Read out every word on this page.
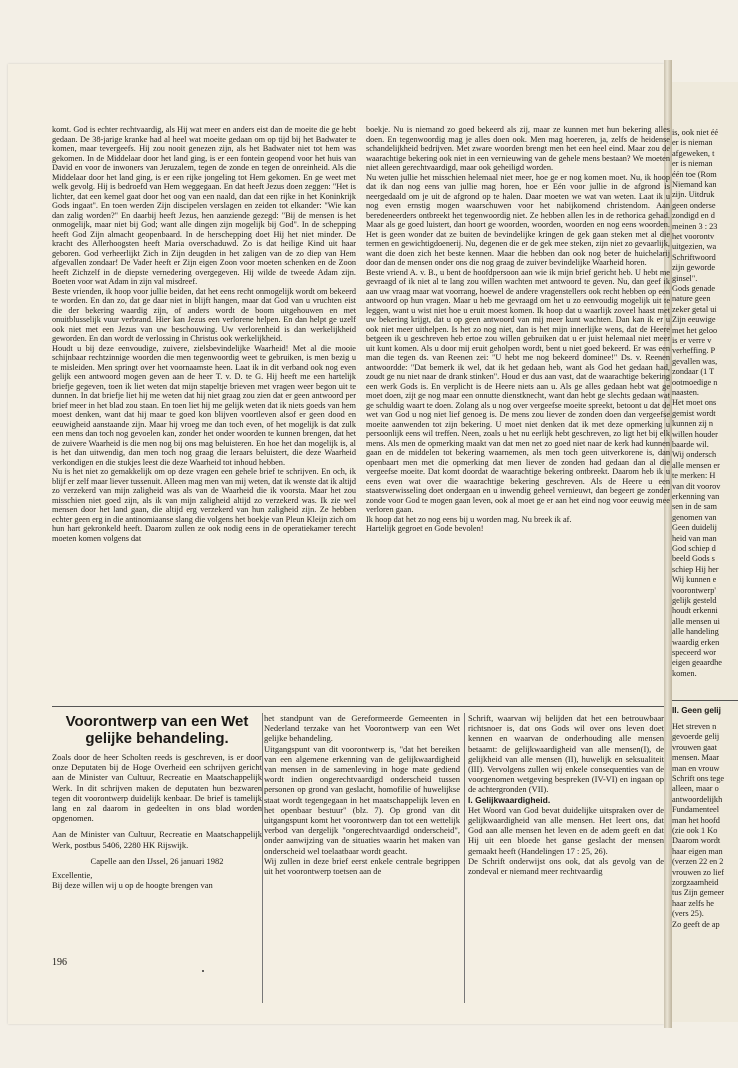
komt. God is echter rechtvaardig, als Hij wat meer en anders eist dan de moeite die ge hebt gedaan. De 38-jarige kranke had al heel wat moeite gedaan om op tijd bij het Badwater te komen, maar tevergeefs. Hij zou nooit genezen zijn, als het Badwater niet tot hem was gekomen. In de Middelaar door het land ging, is er een fontein geopend voor het huis van David en voor de inwoners van Jeruzalem, tegen de zonde en tegen de onreinheid. Als die Middelaar door het land ging, is er een rijke jongeling tot Hem gekomen. En ge weet met welk gevolg. Hij is bedroefd van Hem weggegaan. En dat heeft Jezus doen zeggen: "Het is lichter, dat een kemel gaat door het oog van een naald, dan dat een rijke in het Koninkrijk Gods ingaat". En toen werden Zijn discipelen verslagen en zeiden tot elkander: "Wie kan dan zalig worden?" En daarbij heeft Jezus, hen aanziende gezegd: "Bij de mensen is het onmogelijk, maar niet bij God; want alle dingen zijn mogelijk bij God". In de schepping heeft God Zijn almacht geopenbaard. In de herschepping doet Hij het niet minder. De kracht des Allerhoogsten heeft Maria overschaduwd. Zo is dat heilige Kind uit haar geboren. God verheerlijkt Zich in Zijn deugden in het zaligen van de zo diep van Hem afgevallen zondaar! De Vader heeft er Zijn eigen Zoon voor moeten schenken en de Zoon heeft Zichzelf in de diepste vernedering overgegeven. Hij wilde de tweede Adam zijn. Boeten voor wat Adam in zijn val misdreef.

Beste vrienden, ik hoop voor jullie beiden, dat het eens recht onmogelijk wordt om bekeerd te worden. En dan zo, dat ge daar niet in blijft hangen, maar dat God van u vruchten eist die der bekering waardig zijn, of anders wordt de boom uitgehouwen en met onuitblusselijk vuur verbrand. Hier kan Jezus een verlorene helpen. En dan helpt ge uzelf ook niet met een Jezus van uw beschouwing. Uw verlorenheid is dan werkelijkheid geworden. En dan wordt de verlossing in Christus ook werkelijkheid.

Houdt u bij deze eenvoudige, zuivere, zielsbevindelijke Waarheid! Met al die mooie schijnbaar rechtzinnige woorden die men tegenwoordig weet te gebruiken, is men bezig u te misleiden. Men springt over het voornaamste heen. Laat ik in dit verband ook nog even gelijk een antwoord mogen geven aan de heer T. v. D. te G. Hij heeft me een hartelijk briefje gegeven, toen ik liet weten dat mijn stapeltje brieven met vragen weer begon uit te dunnen. In dat briefje liet hij me weten dat hij niet graag zou zien dat er geen antwoord per brief meer in het blad zou staan. En toen liet hij me gelijk weten dat ik niets goeds van hem moest denken, want dat hij maar te goed kon blijven voortleven alsof er geen dood en eeuwigheid aanstaande zijn. Maar hij vroeg me dan toch even, of het mogelijk is dat zulk een mens dan toch nog gevoelen kan, zonder het onder woorden te kunnen brengen, dat het de zuivere Waarheid is die men nog bij ons mag beluisteren. En hoe het dan mogelijk is, al is het dan uitwendig, dan men toch nog graag die leraars beluistert, die deze Waarheid verkondigen en die stukjes leest die deze Waarheid tot inhoud hebben.

Nu is het niet zo gemakkelijk om op deze vragen een gehele brief te schrijven. En och, ik blijf er zelf maar liever tussenuit. Alleen mag men van mij weten, dat ik wenste dat ik altijd zo verzekerd van mijn zaligheid was als van de Waarheid die ik voorsta. Maar het zou misschien niet goed zijn, als ik van mijn zaligheid altijd zo verzekerd was. Ik zie wel mensen door het land gaan, die altijd erg verzekerd van hun zaligheid zijn. Ze hebben echter geen erg in die antinomiaanse slang die volgens het boekje van Pleun Kleijn zich om hun hart gekronkeld heeft. Daarom zullen ze ook nodig eens in de operatiekamer terecht moeten komen volgens dat

boekje. Nu is niemand zo goed bekeerd als zij, maar ze kunnen met hun bekering alles doen. En tegenwoordig mag je alles doen ook. Men mag hoereren, ja, zelfs de heidense schandelijkheid bedrijven. Met zware woorden brengt men het een heel eind. Maar zou de waarachtige bekering ook niet in een vernieuwing van de gehele mens bestaan? We moeten niet alleen gerechtvaardigd, maar ook geheiligd worden.

Nu weten jullie het misschien helemaal niet meer, hoe ge er nog komen moet. Nu, ik hoop dat ik dan nog eens van jullie mag horen, hoe er Eén voor jullie in de afgrond is neergedaald om je uit de afgrond op te halen. Daar moeten we wat van weten. Laat ik u nog even ernstig mogen waarschuwen voor het nabijkomend christendom. Aan beredeneerders ontbreekt het tegenwoordig niet. Ze hebben allen les in de rethorica gehad. Maar als ge goed luistert, dan hoort ge woorden, woorden, woorden en nog eens woorden. Het is geen wonder dat ze buiten de bevindelijke kringen de gek gaan steken met al die termen en gewichtigdoenerij. Nu, degenen die er de gek mee steken, zijn niet zo gevaarlijk, want die doen zich het beste kennen. Maar die hebben dan ook nog beter de huichelarij door dan de mensen onder ons die nog graag de zuiver bevindelijke Waarheid horen.

Beste vriend A. v. B., u bent de hoofdpersoon aan wie ik mijn brief gericht heb. U hebt me gevraagd of ik niet al te lang zou willen wachten met antwoord te geven. Nu, dan geef ik aan uw vraag maar wat voorrang, hoewel de andere vragenstellers ook recht hebben op een antwoord op hun vragen. Maar u heb me gevraagd om het u zo eenvoudig mogelijk uit te leggen, want u wist niet hoe u eruit moest komen. Ik hoop dat u waarlijk zoveel haast met uw bekering krijgt, dat u op geen antwoord van mij meer kunt wachten. Dan kan ik er u ook niet meer uithelpen. Is het zo nog niet, dan is het mijn innerlijke wens, dat de Heere betgeen ik u geschreven heb ertoe zou willen gebruiken dat u er juist helemaal niet meer uit kunt komen. Als u door mij eruit geholpen wordt, bent u niet goed bekeerd. Er was een man die tegen ds. van Reenen zei: "U hebt me nog bekeerd dominee!" Ds. v. Reenen antwoordde: "Dat bemerk ik wel, dat ik het gedaan heb, want als God het gedaan had, zoudt ge nu niet naar de drank stinken". Houd er dus aan vast, dat de waarachtige bekering een werk Gods is. En verplicht is de Heere niets aan u. Als ge alles gedaan hebt wat ge moet doen, zijt ge nog maar een onnutte dienstknecht, want dan hebt ge slechts gedaan wat ge schuldig waart te doen. Zolang als u nog over vergeefse moeite spreekt, betoont u dat de wet van God u nog niet lief genoeg is. De mens zou liever de zonden doen dan vergeefse moeite aanwenden tot zijn bekering. U moet niet denken dat ik met deze opmerking u persoonlijk eens wil treffen. Neen, zoals u het nu eerlijk hebt geschreven, zo ligt het bij elk mens. Als men de opmerking maakt van dat men net zo goed niet naar de kerk had kunnen gaan en de middelen tot bekering waarnemen, als men toch geen uitverkorene is, dan openbaart men met die opmerking dat men liever de zonden had gedaan dan al die vergeefse moeite. Dat komt doordat de waarachtige bekering ontbreekt. Daarom heb ik u eens even wat over die waarachtige bekering geschreven. Als de Heere u een staatsverwisseling doet ondergaan en u inwendig geheel vernieuwt, dan begeert ge zonder zonde voor God te mogen gaan leven, ook al moet ge er aan het eind nog voor eeuwig mee verloren gaan.

Ik hoop dat het zo nog eens bij u worden mag. Nu breek ik af.

Hartelijk gegroet en Gode bevolen!

Voorontwerp van een Wet gelijke behandeling.

Zoals door de heer Scholten reeds is geschreven, is er door onze Deputaten bij de Hoge Overheid een schrijven gericht aan de Minister van Cultuur, Recreatie en Maatschappelijk Werk. In dit schrijven maken de deputaten hun bezwaren tegen dit voorontwerp duidelijk kenbaar. De brief is tamelijk lang en zal daarom in gedeelten in ons blad worden opgenomen.

Aan de Minister van Cultuur, Recreatie en Maatschappelijk Werk, postbus 5406, 2280 HK Rijswijk.

Capelle aan den IJssel, 26 januari 1982

Excellentie,

Bij deze willen wij u op de hoogte brengen van

het standpunt van de Gereformeerde Gemeenten in Nederland terzake van het Voorontwerp van een Wet gelijke behandeling.

Uitgangspunt van dit voorontwerp is, "dat het bereiken van een algemene erkenning van de gelijkwaardigheid van mensen in de samenleving in hoge mate gediend wordt indien ongerechtvaardigd onderscheid tussen personen op grond van geslacht, homofilie of huwelijkse staat wordt tegengegaan in het maatschappelijk leven en het openbaar bestuur" (blz. 7). Op grond van dit uitgangspunt komt het voorontwerp dan tot een wettelijk verbod van dergelijk "ongerechtvaardigd onderscheid", onder aanwijzing van de situaties waarin het maken van onderscheid wel toelaatbaar wordt geacht.

Wij zullen in deze brief eerst enkele centrale begrippen uit het voorontwerp toetsen aan de

Schrift, waarvan wij belijden dat het een betrouwbaar richtsnoer is, dat ons Gods wil over ons leven doet kennen en waarvan de onderhouding alle mensen betaamt: de gelijkwaardigheid van alle mensen(I), de gelijkheid van alle mensen (II), huwelijk en seksualiteit (III). Vervolgens zullen wij enkele consequenties van de voorgenomen wetgeving bespreken (IV-VI) en ingaan op de achtergronden (VII).

I. Gelijkwaardigheid.

Het Woord van God bevat duidelijke uitspraken over de gelijkwaardigheid van alle mensen. Het leert ons, dat God aan alle mensen het leven en de adem geeft en dat Hij uit een bloede het ganse geslacht der mensen gemaakt heeft (Handelingen 17 : 25, 26).

De Schrift onderwijst ons ook, dat als gevolg van de zondeval er niemand meer rechtvaardig

196
is, ook niet éé
er is nieman
afgeweken, t
er is nieman
één toe (Rom
Niemand kan
zijn. Uitdruk
geen onderse
zondigd en d
meinen 3 : 23
het voorontv
uitgezien, wa
Schriftwoord
zijn geworde
ginsel".
Gods genade
nature geen
zeker getal ui
Zijn eeuwige
met het geloo
is er verre v
verheffing. P
gevallen was,
zondaar (1 T
ootmoedige n
naasten.
Het moet ons
gemist wordt
kunnen zij n
willen houder
baarde wil.
Wij ondersch
alle mensen er
te merken: H
van dit voorov
erkenning van
sen in de sam
genomen van
Geen duidelij
heid van man
God schiep d
beeld Gods s
schiep Hij her
Wij kunnen e
voorontwerp'
gelijk gesteld
houdt erkenni
alle mensen ui
alle handeling
waardig erken
speceerd wor
eigen geaardhe
komen.
II. Geen gelij
Het streven n
gevoerde gelij
vrouwen gaat
mensen. Maar
man en vrouw
Schrift ons tege
alleen, maar o
antwoordelijkh
Fundamenteel
man het hoofd
(zie ook 1 Ko
Daarom wordt
haar eigen man
(verzen 22 en 2
vrouwen zo lief
zorgzaamheid
tus Zijn gemeer
haar zelfs he
(vers 25).
Zo geeft de ap
